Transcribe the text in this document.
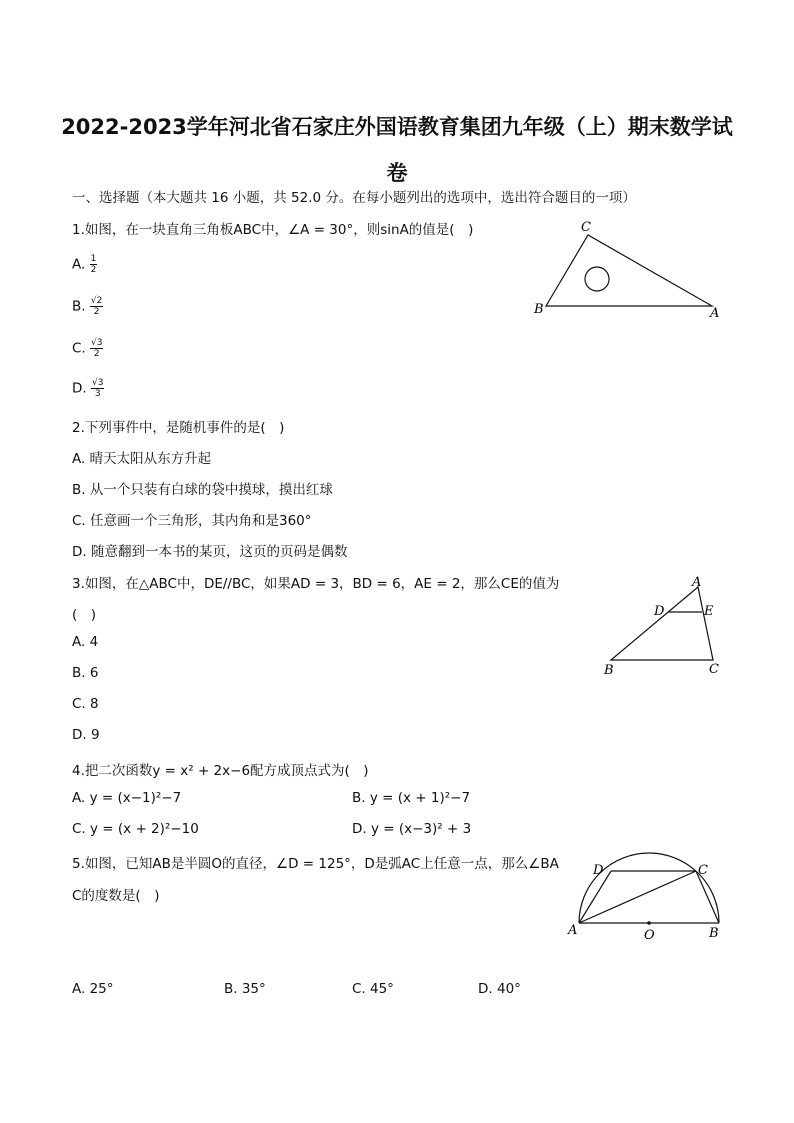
2022-2023学年河北省石家庄外国语教育集团九年级（上）期末数学试
卷
一、选择题（本大题共 16 小题，共 52.0 分。在每小题列出的选项中，选出符合题目的一项）
1.如图，在一块直角三角板ABC中，∠A = 30°，则sinA的值是(　)
A. $\frac{1}{2}$
B. $\frac{√2}{2}$
C. $\frac{√3}{2}$
D. $\frac{√3}{3}$
C
B	A
2.下列事件中，是随机事件的是(　)
A. 晴天太阳从东方升起
B. 从一个只装有白球的袋中摸球，摸出红球
C. 任意画一个三角形，其内角和是360°
D. 随意翻到一本书的某页，这页的页码是偶数
3.如图，在△ABC中，DE//BC，如果AD = 3，BD = 6，AE = 2，那么CE的值为
(　)
A. 4
B. 6
C. 8
D. 9
A
D	E
B	C
4.把二次函数y = x² + 2x−6配方成顶点式为(　)
A. y = (x−1)²−7	B. y = (x + 1)²−7
C. y = (x + 2)²−10	D. y = (x−3)² + 3
5.如图，已知AB是半圆O的直径，∠D = 125°，D是弧AC上任意一点，那么∠BA
C的度数是(　)
D	C
A	O	B
A. 25°	B. 35°	C. 45°	D. 40°
